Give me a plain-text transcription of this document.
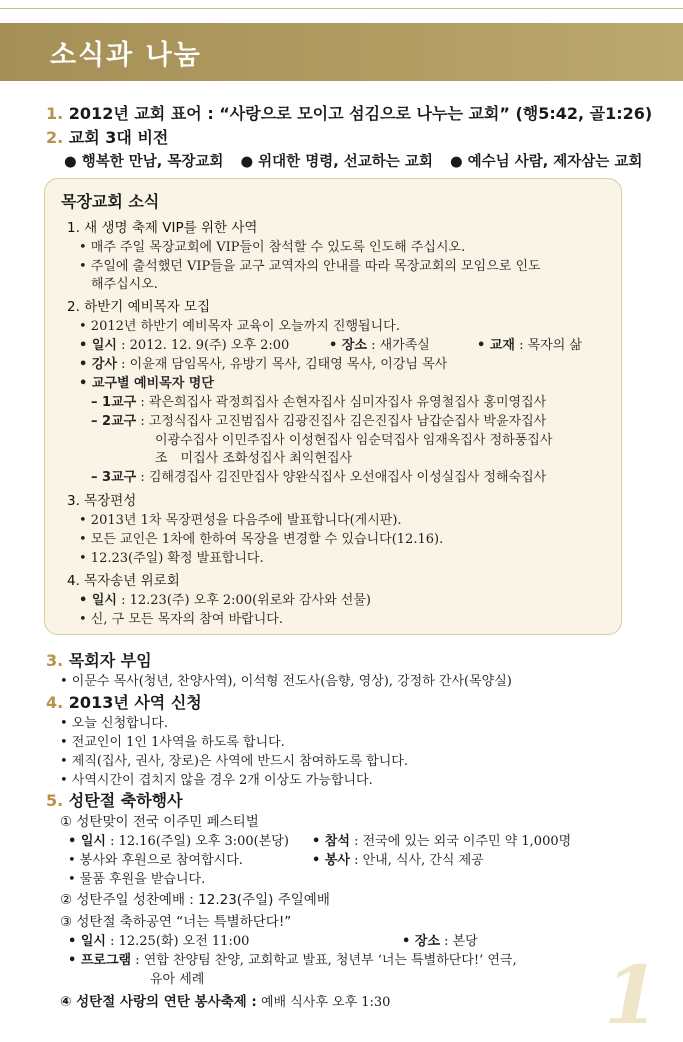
소식과 나눔
1. 2012년 교회 표어 : “사랑으로 모이고 섬김으로 나누는 교회” (행5:42, 골1:26)
2. 교회 3대 비전
● 행복한 만남, 목장교회 ● 위대한 명령, 선교하는 교회 ● 예수님 사람, 제자삼는 교회
목장교회 소식
1. 새 생명 축제 VIP를 위한 사역
• 매주 주일 목장교회에 VIP들이 참석할 수 있도록 인도해 주십시오.
• 주일에 출석했던 VIP들을 교구 교역자의 안내를 따라 목장교회의 모임으로 인도
해주십시오.
2. 하반기 예비목자 모집
• 2012년 하반기 예비목자 교육이 오늘까지 진행됩니다.
• 일시 : 2012. 12. 9(주) 오후 2:00	• 장소 : 새가족실	• 교재 : 목자의 삶
• 강사 : 이윤재 담임목사, 유방기 목사, 김태영 목사, 이강님 목사
• 교구별 예비목자 명단
– 1교구 : 곽은희집사 곽정희집사 손현자집사 심미자집사 유영철집사 홍미영집사
– 2교구 : 고정식집사 고진범집사 김광진집사 김은진집사 남갑순집사 박윤자집사
이광수집사 이민주집사 이성현집사 임순덕집사 임재옥집사 정하풍집사
조　미집사 조화성집사 최익현집사
– 3교구 : 김해경집사 김진만집사 양완식집사 오선애집사 이성실집사 정해숙집사
3. 목장편성
• 2013년 1차 목장편성을 다음주에 발표합니다(게시판).
• 모든 교인은 1차에 한하여 목장을 변경할 수 있습니다(12.16).
• 12.23(주일) 확정 발표합니다.
4. 목자송년 위로회
• 일시 : 12.23(주) 오후 2:00(위로와 감사와 선물)
• 신, 구 모든 목자의 참여 바랍니다.
3. 목회자 부임
• 이문수 목사(청년, 찬양사역), 이석형 전도사(음향, 영상), 강정하 간사(목양실)
4. 2013년 사역 신청
• 오늘 신청합니다.
• 전교인이 1인 1사역을 하도록 합니다.
• 제직(집사, 권사, 장로)은 사역에 반드시 참여하도록 합니다.
• 사역시간이 겹치지 않을 경우 2개 이상도 가능합니다.
5. 성탄절 축하행사
① 성탄맞이 전국 이주민 페스티벌
• 일시 : 12.16(주일) 오후 3:00(본당) • 참석 : 전국에 있는 외국 이주민 약 1,000명
• 봉사와 후원으로 참여합시다.	• 봉사 : 안내, 식사, 간식 제공
• 물품 후원을 받습니다.
② 성탄주일 성찬예배 : 12.23(주일) 주일예배
③ 성탄절 축하공연 “너는 특별하단다!”
• 일시 : 12.25(화) 오전 11:00	• 장소 : 본당
• 프로그램 : 연합 찬양팀 찬양, 교회학교 발표, 청년부 ‘너는 특별하단다!’ 연극,
유아 세례
④ 성탄절 사랑의 연탄 봉사축제 : 예배 식사후 오후 1:30	1
